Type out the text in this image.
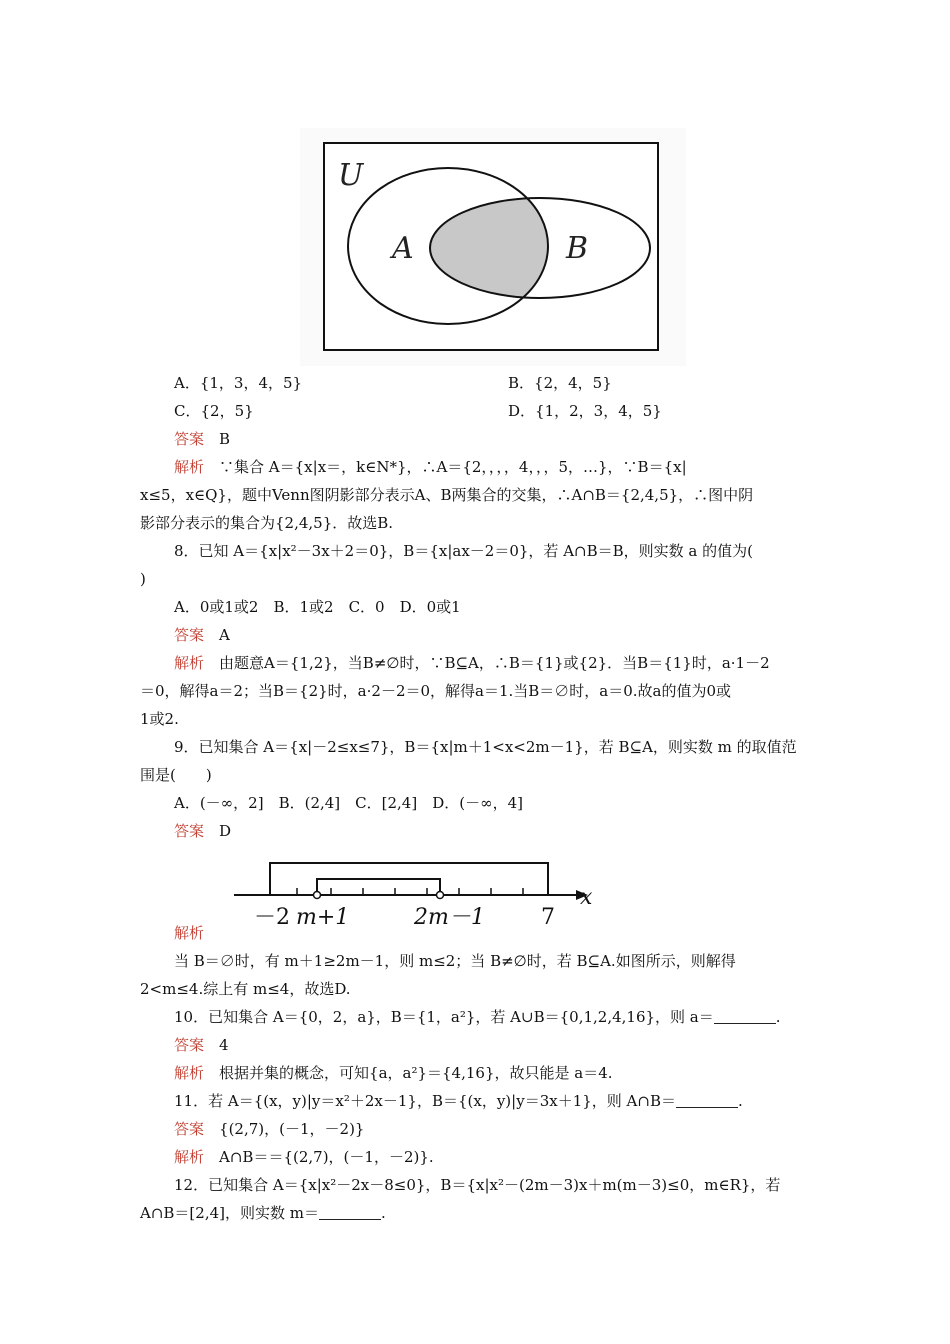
U
A	B
A．{1，3，4，5}	B．{2，4，5}
C．{2，5}	D．{1，2，3，4，5}
答案　 B
解析　 ∵集合 A＝{x|x＝，k∈N*}，∴A＝{2，，，，4，，，5，…}，∵B＝{x|
x≤5，x∈Q}，题中Venn图阴影部分表示A、B两集合的交集，∴A∩B＝{2,4,5}，∴图中阴
影部分表示的集合为{2,4,5}．故选B.
8．已知 A＝{x|x²－3x＋2＝0}，B＝{x|ax－2＝0}，若 A∩B＝B，则实数 a 的值为(
)
A．0或1或2　B．1或2　C．0　D．0或1
答案　 A
解析　 由题意A＝{1,2}，当B≠∅时，∵B⊆A，∴B＝{1}或{2}．当B＝{1}时，a·1－2
＝0，解得a＝2；当B＝{2}时，a·2－2＝0，解得a＝1.当B＝∅时，a＝0.故a的值为0或
1或2.
9．已知集合 A＝{x|－2≤x≤7}，B＝{x|m＋1<x<2m－1}，若 B⊆A，则实数 m 的取值范
围是(　　)
A．(－∞，2]　B．(2,4]　C．[2,4]　D．(－∞，4]
答案　 D
－2 m+1	2m－1	7
x
解析
当 B＝∅时，有 m＋1≥2m－1，则 m≤2；当 B≠∅时，若 B⊆A.如图所示，则解得
2<m≤4.综上有 m≤4，故选D.
10．已知集合 A＝{0，2，a}，B＝{1，a²}，若 A∪B＝{0,1,2,4,16}，则 a＝	.
答案　 4
解析　 根据并集的概念，可知{a，a²}＝{4,16}，故只能是 a＝4.
11．若 A＝{(x，y)|y＝x²＋2x－1}，B＝{(x，y)|y＝3x＋1}，则 A∩B＝	.
答案　 {(2,7)，(－1，－2)}
解析　 A∩B＝＝{(2,7)，(－1，－2)}.
12．已知集合 A＝{x|x²－2x－8≤0}，B＝{x|x²－(2m－3)x＋m(m－3)≤0，m∈R}，若
A∩B＝[2,4]，则实数 m＝	.
